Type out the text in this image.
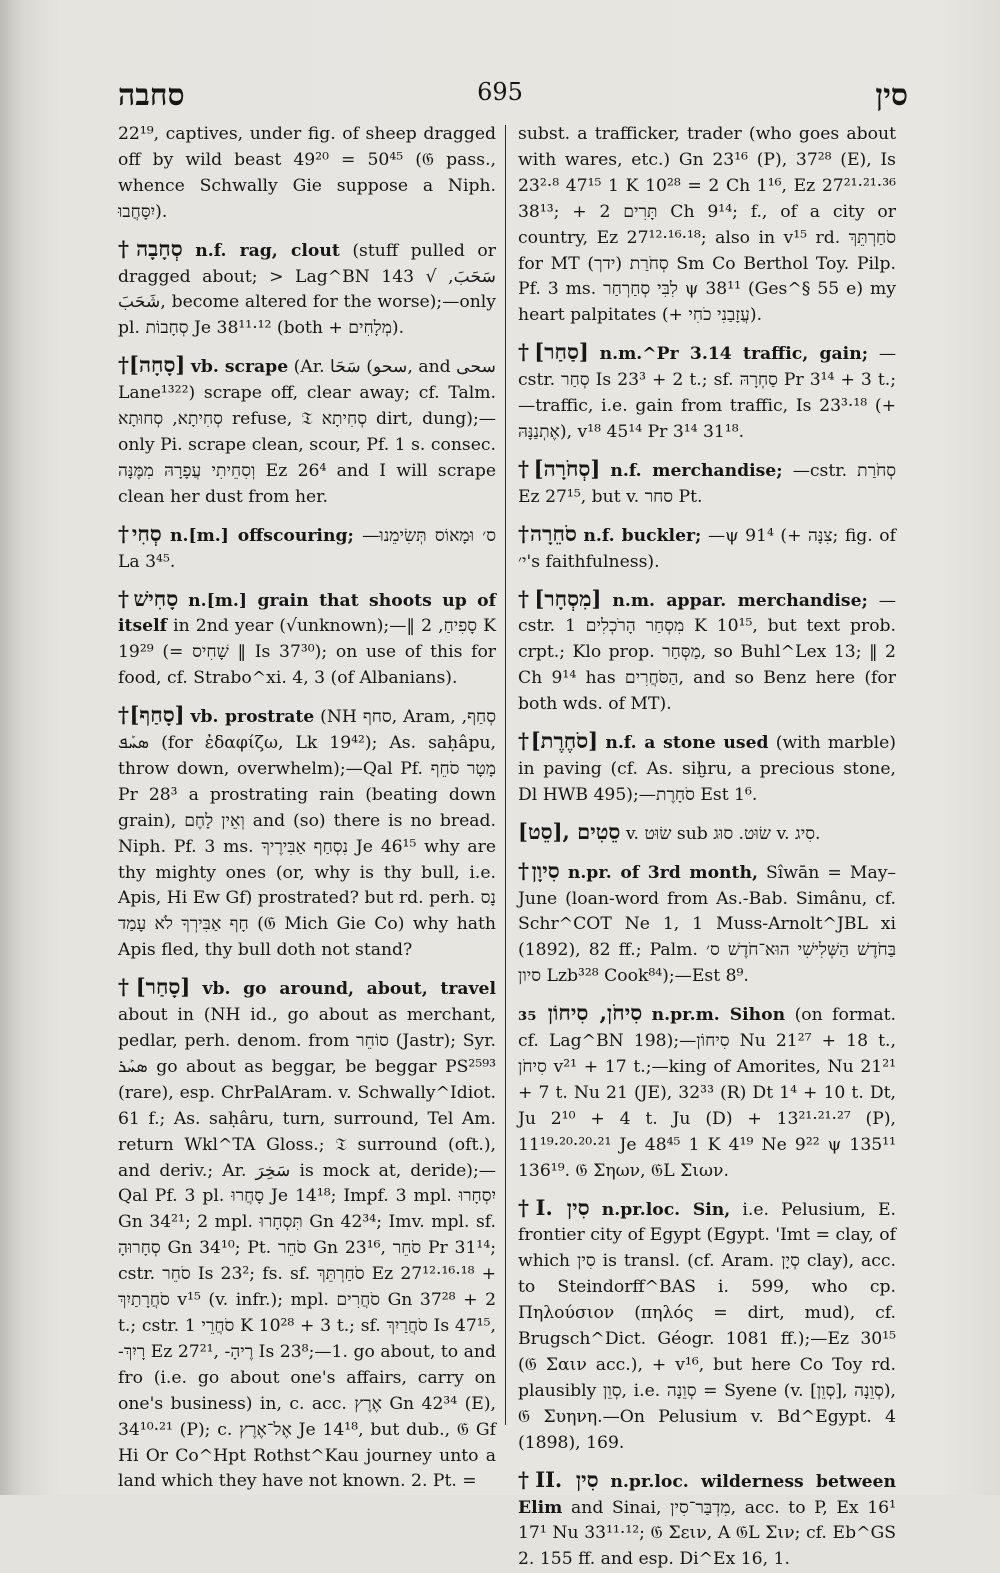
סחבה	695	סין

22¹⁹, captives, under fig. of sheep dragged off by wild beast 49²⁰ = 50⁴⁵ (𝔊 pass., whence Schwally Gie suppose a Niph. יִסָּחֲבוּ).

†סְחָבָה n.f. rag, clout (stuff pulled or dragged about; > Lag^BN 143 √ سَحَبَ, شَحَبَ, become altered for the worse);—only pl. סְחָבוֹת Je 38¹¹·¹² (both + מְלָחִים).

†[סָחָה] vb. scrape (Ar. سَحَا (سحو, and سحى Lane¹³²²) scrape off, clear away; cf. Talm. סְחִיתָא, סְחוּתָא refuse, 𝔗 סְחִיתָא dirt, dung);—only Pi. scrape clean, scour, Pf. 1 s. consec. וְסִחֵיתִי עֲפָרָהּ מִמֶּנָּה Ez 26⁴ and I will scrape clean her dust from her.

†סְחִי n.[m.] offscouring; —ס׳ וּמָאוֹס תְּשִׂימֵנוּ La 3⁴⁵.

†סָחִישׁ n.[m.] grain that shoots up of itself in 2nd year (√unknown);—‖ סָפִיחַ, 2 K 19²⁹ (= שָׁחִיס ‖ Is 37³⁰); on use of this for food, cf. Strabo^xi. 4, 3 (of Albanians).

†[סָחַף] vb. prostrate (NH סחף, Aram, סְחַף, ܣܚܰܦ (for ἐδαφίζω, Lk 19⁴²); As. saḥâpu, throw down, overwhelm);—Qal Pf. מָטָר סֹחֵף Pr 28³ a prostrating rain (beating down grain), וְאֵין לָחֶם and (so) there is no bread. Niph. Pf. 3 ms. נִסְחַף אַבִּירֶיךָ Je 46¹⁵ why are thy mighty ones (or, why is thy bull, i.e. Apis, Hi Ew Gf) prostrated? but rd. perh. נָס חָף אַבִּירְךָ לֹא עָמַד (𝔊 Mich Gie Co) why hath Apis fled, thy bull doth not stand?

†[סָחַר] vb. go around, about, travel about in (NH id., go about as merchant, pedlar, perh. denom. from סוֹחֵר (Jastr); Syr. ܣܚܰܪ go about as beggar, be beggar PS²⁵⁹³ (rare), esp. ChrPalAram. v. Schwally^Idiot. 61 f.; As. saḥâru, turn, surround, Tel Am. return Wkl^TA Gloss.; 𝔗 surround (oft.), and deriv.; Ar. سَخِرَ is mock at, deride);—Qal Pf. 3 pl. סָחֲרוּ Je 14¹⁸; Impf. 3 mpl. יִסְחָרוּ Gn 34²¹; 2 mpl. תִּסְחָרוּ Gn 42³⁴; Imv. mpl. sf. סְחָרוּהָ Gn 34¹⁰; Pt. סֹחֵר Gn 23¹⁶, סֹחֵר Pr 31¹⁴; cstr. סֹחֵר Is 23²; fs. sf. סֹחַרְתֵּךְ Ez 27¹²·¹⁶·¹⁸ + סֹחֲרָתַיִךְ v¹⁵ (v. infr.); mpl. סֹחֲרִים Gn 37²⁸ + 2 t.; cstr. סֹחֲרֵי 1 K 10²⁸ + 3 t.; sf. סֹחֲרַיִךְ Is 47¹⁵, -רָיִךְ Ez 27²¹, -רֶיהָ Is 23⁸;—1. go about, to and fro (i.e. go about one's affairs, carry on one's business) in, c. acc. אֶרֶץ Gn 42³⁴ (E), 34¹⁰·²¹ (P); c. אֶל־אֶרֶץ Je 14¹⁸, but dub., 𝔊 Gf Hi Or Co^Hpt Rothst^Kau journey unto a land which they have not known. 2. Pt. =

subst. a trafficker, trader (who goes about with wares, etc.) Gn 23¹⁶ (P), 37²⁸ (E), Is 23²·⁸ 47¹⁵ 1 K 10²⁸ = 2 Ch 1¹⁶, Ez 27²¹·²¹·³⁶ 38¹³; + תָּרִים 2 Ch 9¹⁴; f., of a city or country, Ez 27¹²·¹⁶·¹⁸; also in v¹⁵ rd. סֹחַרְתֵּךְ for MT (ידך) סְחֹרַת Sm Co Berthol Toy. Pilp. Pf. 3 ms. לִבִּי סְחַרְחַר ψ 38¹¹ (Ges^§ 55 e) my heart palpitates (+ עֲזָבַנִי כֹחִי).

†[סַחַר] n.m.^Pr 3.14 traffic, gain; —cstr. סְחַר Is 23³ + 2 t.; sf. סַחְרָהּ Pr 3¹⁴ + 3 t.;—traffic, i.e. gain from traffic, Is 23³·¹⁸ (+ אֶתְנַנָּהּ), v¹⁸ 45¹⁴ Pr 3¹⁴ 31¹⁸.

†[סְחֹרָה] n.f. merchandise; —cstr. סְחֹרַת Ez 27¹⁵, but v. סחר Pt.

†סֹחֵרָה n.f. buckler; —ψ 91⁴ (+ צִנָּה; fig. of י׳'s faithfulness).

†[מִסְחָר] n.m. appar. merchandise; —cstr. מִסְחַר הָרֹכְלִים 1 K 10¹⁵, but text prob. crpt.; Klo prop. מַסְּחַר, so Buhl^Lex 13; ‖ 2 Ch 9¹⁴ has הַסֹּחֲרִים, and so Benz here (for both wds. of MT).

†[סֹחֶרֶת] n.f. a stone used (with marble) in paving (cf. As. siḫru, a precious stone, Dl HWB 495);—סֹחָרֶת Est 1⁶.

[סֵט], סֵטִים v. שׂוּט sub שׂוּט. סוּג v. סִיג.

†סִיוָן n.pr. of 3rd month, Sîwān = May–June (loan-word from As.-Bab. Simânu, cf. Schr^COT Ne 1, 1 Muss-Arnolt^JBL xi (1892), 82 ff.; Palm. בַּחֹדֶשׁ הַשְּׁלִישִׁי הוּא־חֹדֶשׁ ס׳ סיון Lzb³²⁸ Cook⁸⁴);—Est 8⁹.

סִיחֹן, סִיחוֹן ₃₅ n.pr.m. Sihon (on format. cf. Lag^BN 198);—סִיחוֹן Nu 21²⁷ + 18 t., סִיחֹן v²¹ + 17 t.;—king of Amorites, Nu 21²¹ + 7 t. Nu 21 (JE), 32³³ (R) Dt 1⁴ + 10 t. Dt, Ju 2¹⁰ + 4 t. Ju (D) + 13²¹·²¹·²⁷ (P), 11¹⁹·²⁰·²⁰·²¹ Je 48⁴⁵ 1 K 4¹⁹ Ne 9²² ψ 135¹¹ 136¹⁹. 𝔊 Σηων, 𝔊L Σιων.

†I. סִין n.pr.loc. Sin, i.e. Pelusium, E. frontier city of Egypt (Egypt. 'Imt = clay, of which סִין is transl. (cf. Aram. סְיָן clay), acc. to Steindorff^BAS i. 599, who cp. Πηλούσιον (πηλός = dirt, mud), cf. Brugsch^Dict. Géogr. 1081 ff.);—Ez 30¹⁵ (𝔊 Σαιν acc.), + v¹⁶, but here Co Toy rd. plausibly סְוֵן, i.e. סְוֵנָה = Syene (v. [סְוֵן], סְוֵנָה), 𝔊 Συηνη.—On Pelusium v. Bd^Egypt. 4 (1898), 169.

†II. סִין n.pr.loc. wilderness between Elim and Sinai, מִדְבַּר־סִין, acc. to P, Ex 16¹ 17¹ Nu 33¹¹·¹²; 𝔊 Σειν, A 𝔊L Σιν; cf. Eb^GS 2. 155 ff. and esp. Di^Ex 16, 1.
